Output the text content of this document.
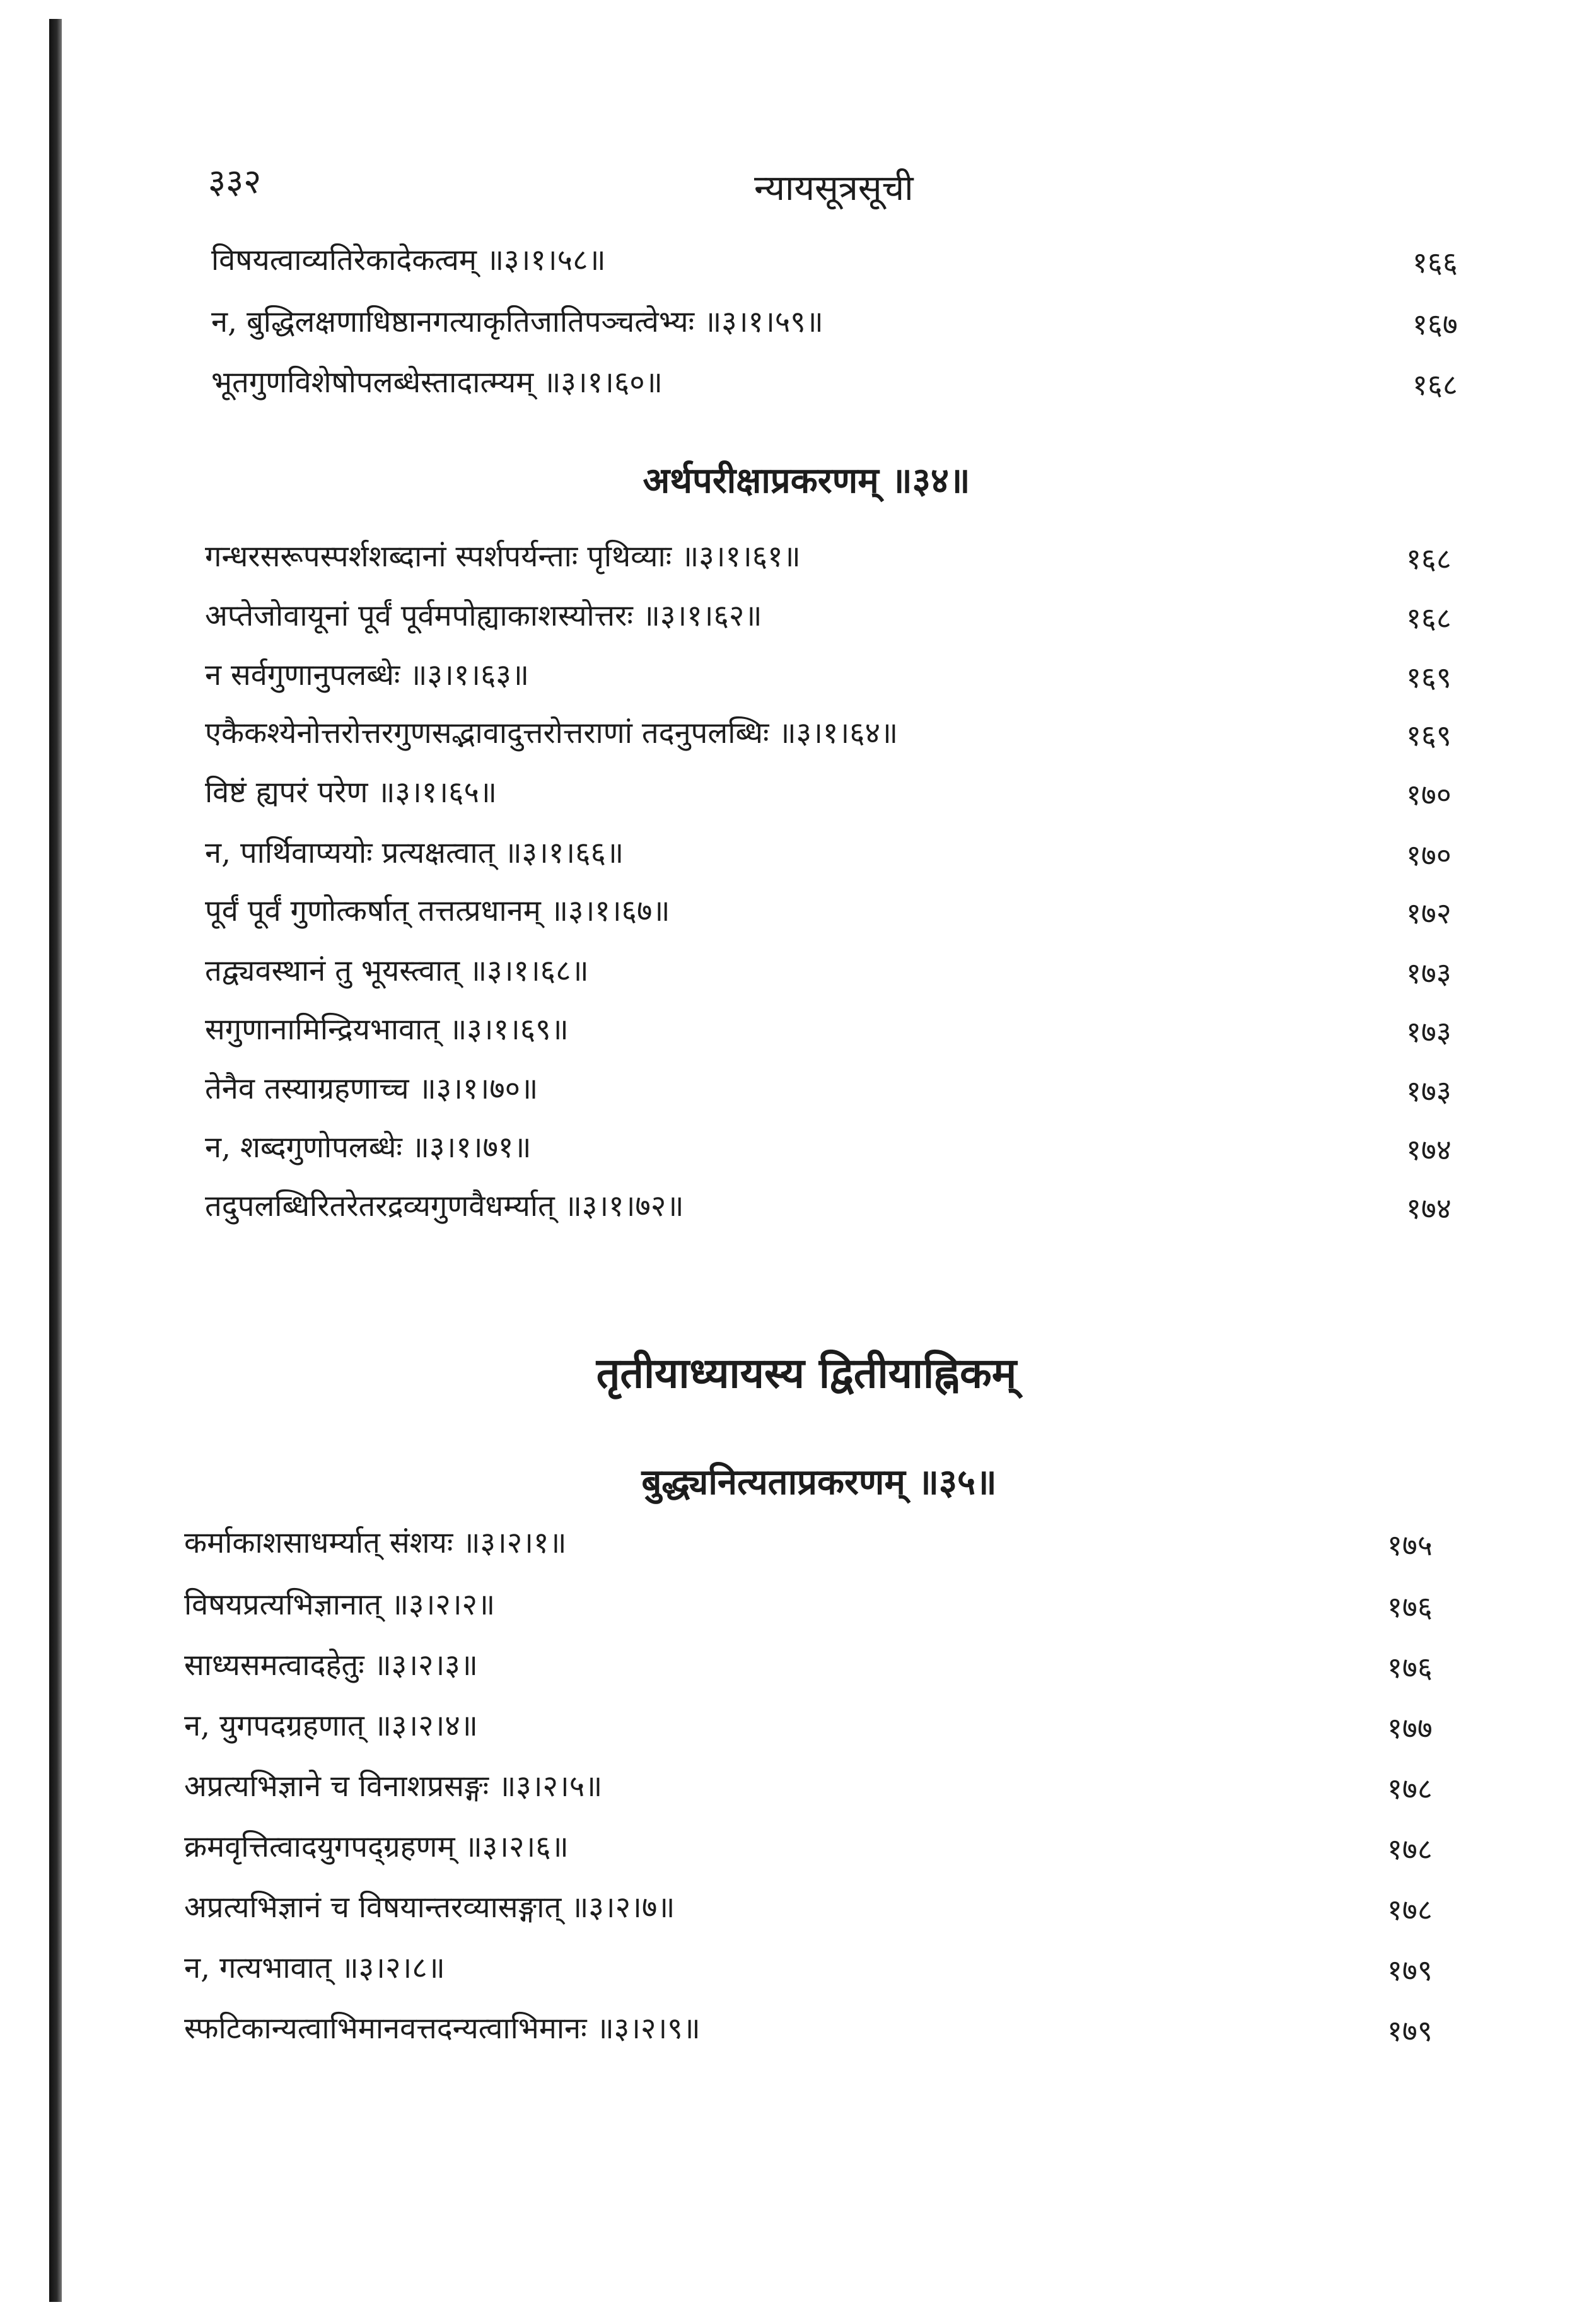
३३२	न्यायसूत्रसूची
अर्थपरीक्षाप्रकरणम् ॥३४॥
तृतीयाध्यायस्य द्वितीयाह्निकम्
बुद्ध्यनित्यताप्रकरणम् ॥३५॥
विषयत्वाव्यतिरेकादेकत्वम् ॥३।१।५८॥	१६६
न, बुद्धिलक्षणाधिष्ठानगत्याकृतिजातिपञ्चत्वेभ्यः ॥३।१।५९॥	१६७
भूतगुणविशेषोपलब्धेस्तादात्म्यम् ॥३।१।६०॥	१६८
गन्धरसरूपस्पर्शशब्दानां स्पर्शपर्यन्ताः पृथिव्याः ॥३।१।६१॥	१६८
अप्तेजोवायूनां पूर्वं पूर्वमपोह्याकाशस्योत्तरः ॥३।१।६२॥	१६८
न सर्वगुणानुपलब्धेः ॥३।१।६३॥	१६९
एकैकश्येनोत्तरोत्तरगुणसद्भावादुत्तरोत्तराणां तदनुपलब्धिः ॥३।१।६४॥	१६९
विष्टं ह्यपरं परेण ॥३।१।६५॥	१७०
न, पार्थिवाप्ययोः प्रत्यक्षत्वात् ॥३।१।६६॥	१७०
पूर्वं पूर्वं गुणोत्कर्षात् तत्तत्प्रधानम् ॥३।१।६७॥	१७२
तद्व्यवस्थानं तु भूयस्त्वात् ॥३।१।६८॥	१७३
सगुणानामिन्द्रियभावात् ॥३।१।६९॥	१७३
तेनैव तस्याग्रहणाच्च ॥३।१।७०॥	१७३
न, शब्दगुणोपलब्धेः ॥३।१।७१॥	१७४
तदुपलब्धिरितरेतरद्रव्यगुणवैधर्म्यात् ॥३।१।७२॥	१७४
कर्माकाशसाधर्म्यात् संशयः ॥३।२।१॥	१७५
विषयप्रत्यभिज्ञानात् ॥३।२।२॥	१७६
साध्यसमत्वादहेतुः ॥३।२।३॥	१७६
न, युगपदग्रहणात् ॥३।२।४॥	१७७
अप्रत्यभिज्ञाने च विनाशप्रसङ्गः ॥३।२।५॥	१७८
क्रमवृत्तित्वादयुगपद्ग्रहणम् ॥३।२।६॥	१७८
अप्रत्यभिज्ञानं च विषयान्तरव्यासङ्गात् ॥३।२।७॥	१७८
न, गत्यभावात् ॥३।२।८॥	१७९
स्फटिकान्यत्वाभिमानवत्तदन्यत्वाभिमानः ॥३।२।९॥	१७९
